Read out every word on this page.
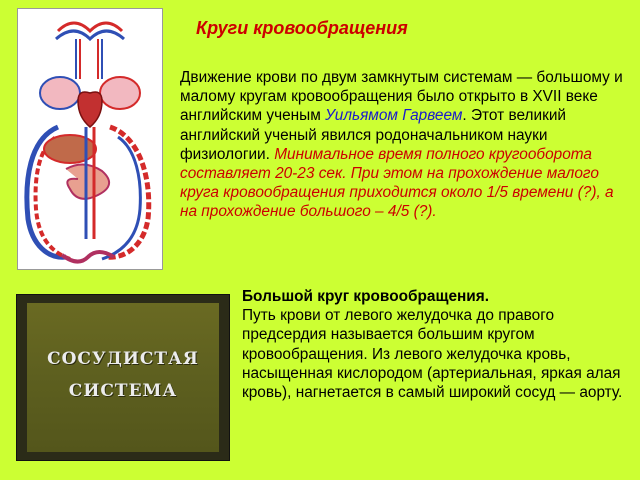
Круги кровообращения
Движение крови по двум замкнутым системам — большому и малому кругам кровообращения было открыто в XVII веке английским ученым Уильямом Гарвеем. Этот великий английский ученый явился родоначальником науки физиологии. Минимальное время полного кругооборота составляет 20-23 сек. При этом на прохождение малого круга кровообращения приходится около 1/5 времени (?), а на прохождение большого – 4/5 (?).
СОСУДИСТАЯ
СИСТЕМА
Большой круг кровообращения.
Путь крови от левого желудочка до правого предсердия называется большим кругом кровообращения. Из левого желудочка кровь, насыщенная кислородом (артериальная, яркая алая кровь), нагнетается в самый широкий сосуд — аорту.
